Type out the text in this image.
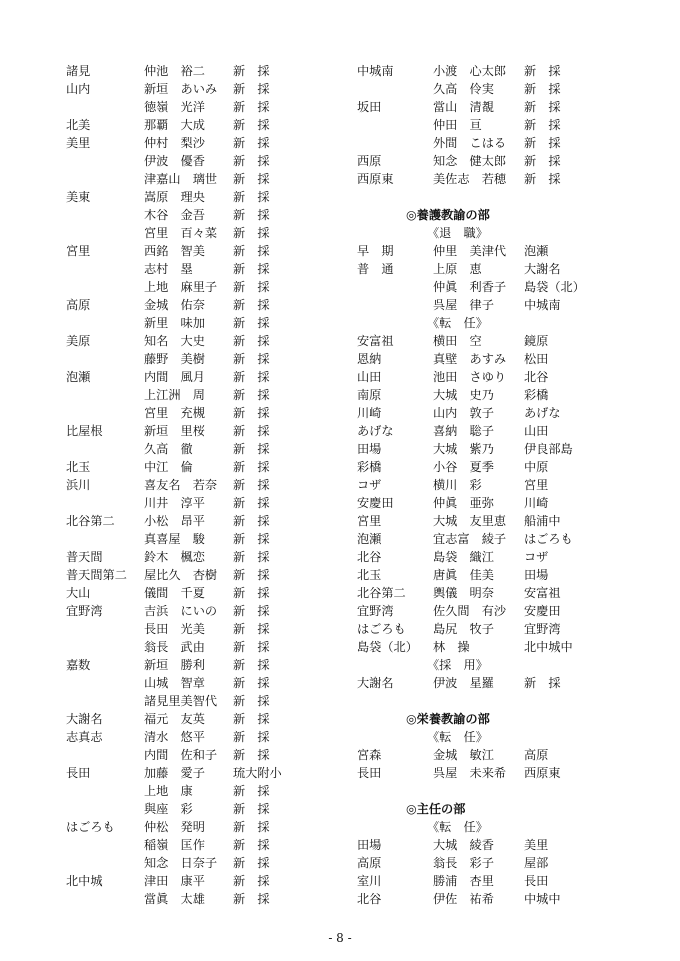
諸見	仲池　裕二 新　採
山内	新垣　あいみ 新　採
徳嶺　光洋 新　採
北美	那覇　大成 新　採
美里	仲村　梨沙 新　採
伊波　優香 新　採
津嘉山　璃世 新　採
美東	嵩原　理央 新　採
木谷　金吾 新　採
宮里　百々菜 新　採
宮里	西銘　智美 新　採
志村　塁	新　採
上地　麻里子 新　採
高原	金城　佑奈 新　採
新里　味加 新　採
美原	知名　大史 新　採
藤野　美樹 新　採
泡瀬	内間　風月 新　採
上江洲　周 新　採
宮里　充槻 新　採
比屋根	新垣　里桜 新　採
久高　徹	新　採
北玉	中江　倫	新　採
浜川	喜友名　若奈 新　採
川井　淳平 新　採
北谷第二 小松　昂平 新　採
真喜屋　駿 新　採
普天間	鈴木　楓恋 新　採
普天間第二 屋比久　杏樹 新　採
大山	儀間　千夏 新　採
宜野湾	吉浜　にいの 新　採
長田　光美 新　採
翁長　武由 新　採
嘉数	新垣　勝利 新　採
山城　智章 新　採
諸見里美智代 新　採
大謝名	福元　友英 新　採
志真志	清水　悠平 新　採
内間　佐和子 新　採
長田	加藤　愛子 琉大附小
上地　康	新　採
與座　彩	新　採
はごろも 仲松　発明 新　採
稲嶺　匡作 新　採
知念　日奈子 新　採
北中城	津田　康平 新　採
當眞　太雄 新　採
中城南	小渡　心太郎 新　採
久高　伶実 新　採
坂田	當山　清覩 新　採
仲田　亘	新　採
外間　こはる 新　採
西原	知念　健太郎 新　採
西原東	美佐志　若穂 新　採
◎養護教諭の部
《退　職》
早　期	仲里　美津代 泡瀬
普　通	上原　恵	大謝名
仲眞　利香子 島袋（北）
呉屋　律子 中城南
《転　任》
安富祖	横田　空	鏡原
恩納	真壁　あすみ 松田
山田	池田　さゆり 北谷
南原	大城　史乃 彩橋
川崎	山内　敦子 あげな
あげな	喜納　聡子 山田
田場	大城　紫乃 伊良部島
彩橋	小谷　夏季 中原
コザ	横川　彩	宮里
安慶田	仲眞　亜弥 川崎
宮里	大城　友里恵 船浦中
泡瀬	宜志富　綾子 はごろも
北谷	島袋　織江 コザ
北玉	唐眞　佳美 田場
北谷第二 輿儀　明奈 安富祖
宜野湾	佐久間　有沙 安慶田
はごろも 島尻　牧子 宜野湾
島袋（北） 林　操	北中城中
《採　用》
大謝名	伊波　星羅 新　採
◎栄養教諭の部
《転　任》
宮森	金城　敏江 高原
長田	呉屋　未来希 西原東
◎主任の部
《転　任》
田場	大城　綾香 美里
高原	翁長　彩子 屋部
室川	勝浦　杏里 長田
北谷	伊佐　祐希 中城中
- 8 -
